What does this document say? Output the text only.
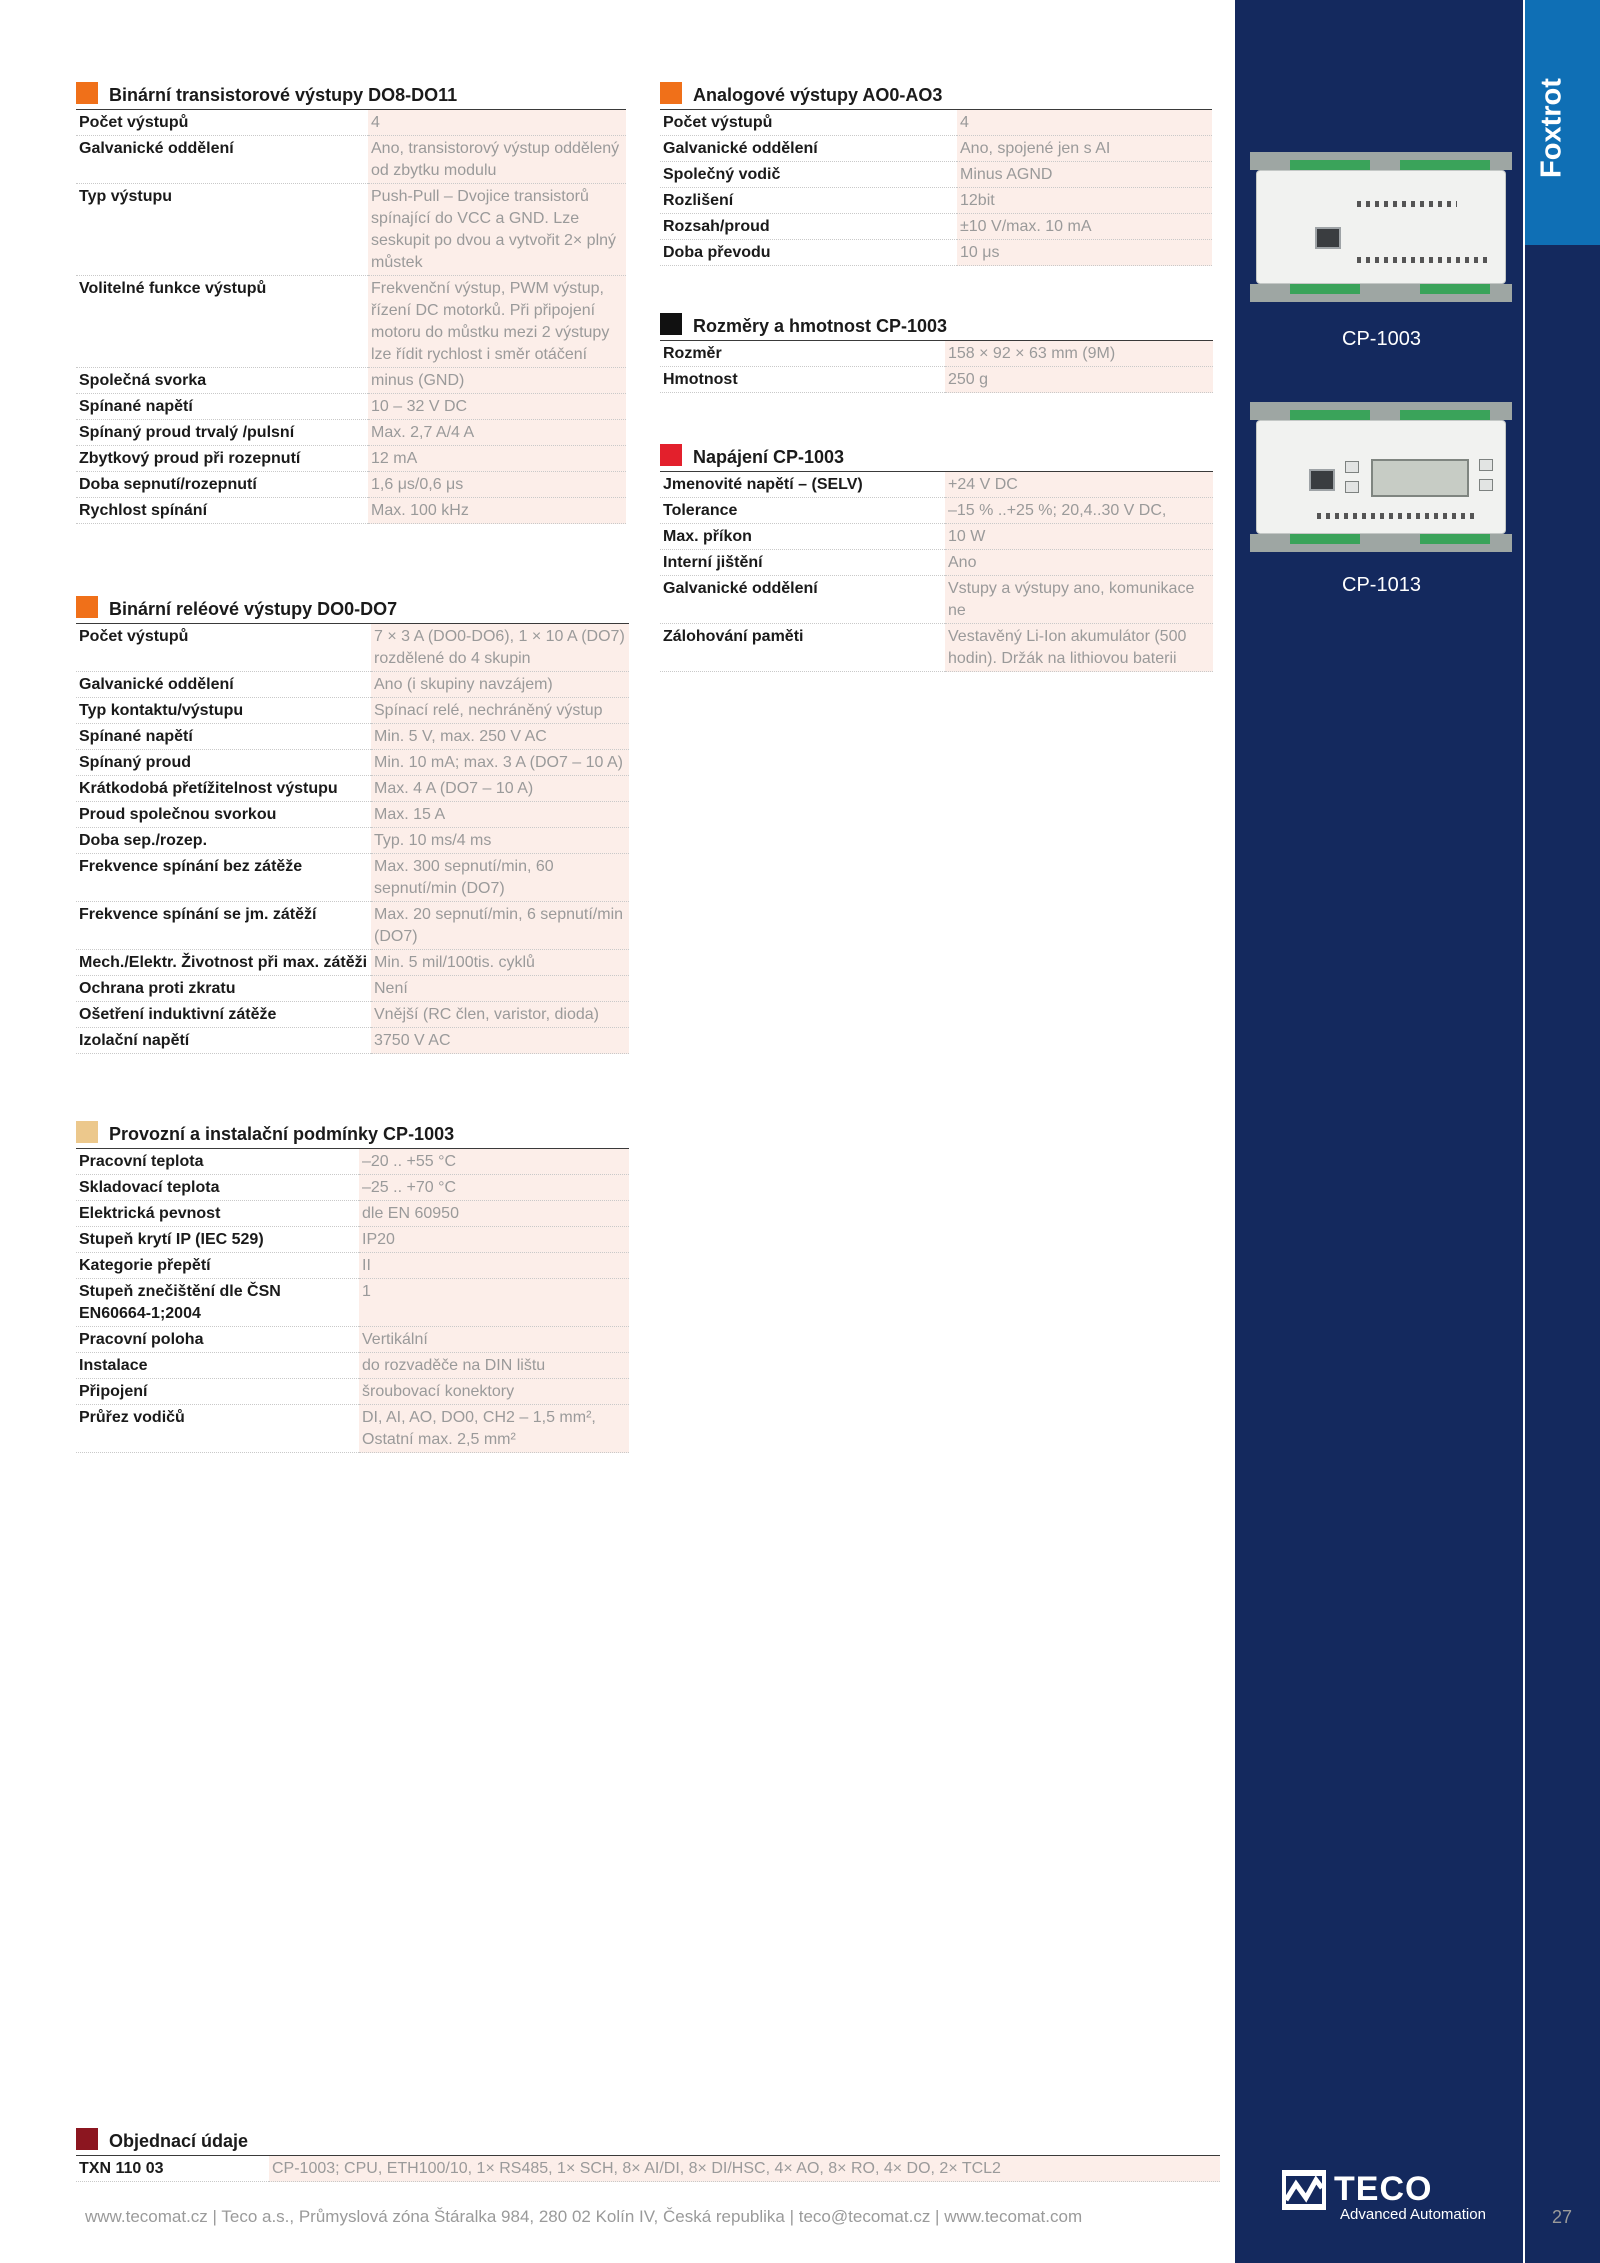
Foxtrot
CP-1003
CP-1013
Binární transistorové výstupy DO8-DO11
Počet výstupů	4
Galvanické oddělení	Ano, transistorový výstup oddělený od zbytku modulu
Typ výstupu	Push-Pull – Dvojice transistorů spínající do VCC a GND. Lze seskupit po dvou a vytvořit 2× plný můstek
Volitelné funkce výstupů	Frekvenční výstup, PWM výstup, řízení DC motorků. Při připojení motoru do můstku mezi 2 výstupy lze řídit rychlost i směr otáčení
Společná svorka	minus (GND)
Spínané napětí	10 – 32 V DC
Spínaný proud trvalý /pulsní	Max. 2,7 A/4 A
Zbytkový proud při rozepnutí	12 mA
Doba sepnutí/rozepnutí	1,6 μs/0,6 μs
Rychlost spínání	Max. 100 kHz
Binární reléové výstupy DO0-DO7
Počet výstupů	7 × 3 A (DO0-DO6), 1 × 10 A (DO7) rozdělené do 4 skupin
Galvanické oddělení	Ano (i skupiny navzájem)
Typ kontaktu/výstupu	Spínací relé, nechráněný výstup
Spínané napětí	Min. 5 V, max. 250 V AC
Spínaný proud	Min. 10 mA; max. 3 A (DO7 – 10 A)
Krátkodobá přetížitelnost výstupu	Max. 4 A (DO7 – 10 A)
Proud společnou svorkou	Max. 15 A
Doba sep./rozep.	Typ. 10 ms/4 ms
Frekvence spínání bez zátěže	Max. 300 sepnutí/min, 60 sepnutí/min (DO7)
Frekvence spínání se jm. zátěží	Max. 20 sepnutí/min, 6 sepnutí/min (DO7)
Mech./Elektr. Životnost při max. zátěži	Min. 5 mil/100tis. cyklů
Ochrana proti zkratu	Není
Ošetření induktivní zátěže	Vnější (RC člen, varistor, dioda)
Izolační napětí	3750 V AC
Provozní a instalační podmínky CP-1003
Pracovní teplota	–20 .. +55 °C
Skladovací teplota	–25 .. +70 °C
Elektrická pevnost	dle EN 60950
Stupeň krytí IP (IEC 529)	IP20
Kategorie přepětí	II
Stupeň znečištění dle ČSN EN60664-1;2004	1
Pracovní poloha	Vertikální
Instalace	do rozvaděče na DIN lištu
Připojení	šroubovací konektory
Průřez vodičů	DI, AI, AO, DO0, CH2 – 1,5 mm², Ostatní max. 2,5 mm²
Analogové výstupy AO0-AO3
Počet výstupů	4
Galvanické oddělení	Ano, spojené jen s AI
Společný vodič	Minus AGND
Rozlišení	12bit
Rozsah/proud	±10 V/max. 10 mA
Doba převodu	10 μs
Rozměry a hmotnost CP-1003
Rozměr	158 × 92 × 63 mm (9M)
Hmotnost	250 g
Napájení CP-1003
Jmenovité napětí – (SELV)	+24 V DC
Tolerance	–15 % ..+25 %; 20,4..30 V DC,
Max. příkon	10 W
Interní jištění	Ano
Galvanické oddělení	Vstupy a výstupy ano, komunikace ne
Zálohování paměti	Vestavěný Li-Ion akumulátor (500 hodin). Držák na lithiovou baterii
Objednací údaje
TXN 110 03	CP-1003; CPU, ETH100/10, 1× RS485, 1× SCH, 8× AI/DI, 8× DI/HSC, 4× AO, 8× RO, 4× DO, 2× TCL2
www.tecomat.cz | Teco a.s., Průmyslová zóna Štáralka 984, 280 02 Kolín IV, Česká republika | teco@tecomat.cz | www.tecomat.com	27
TECO
Advanced Automation
